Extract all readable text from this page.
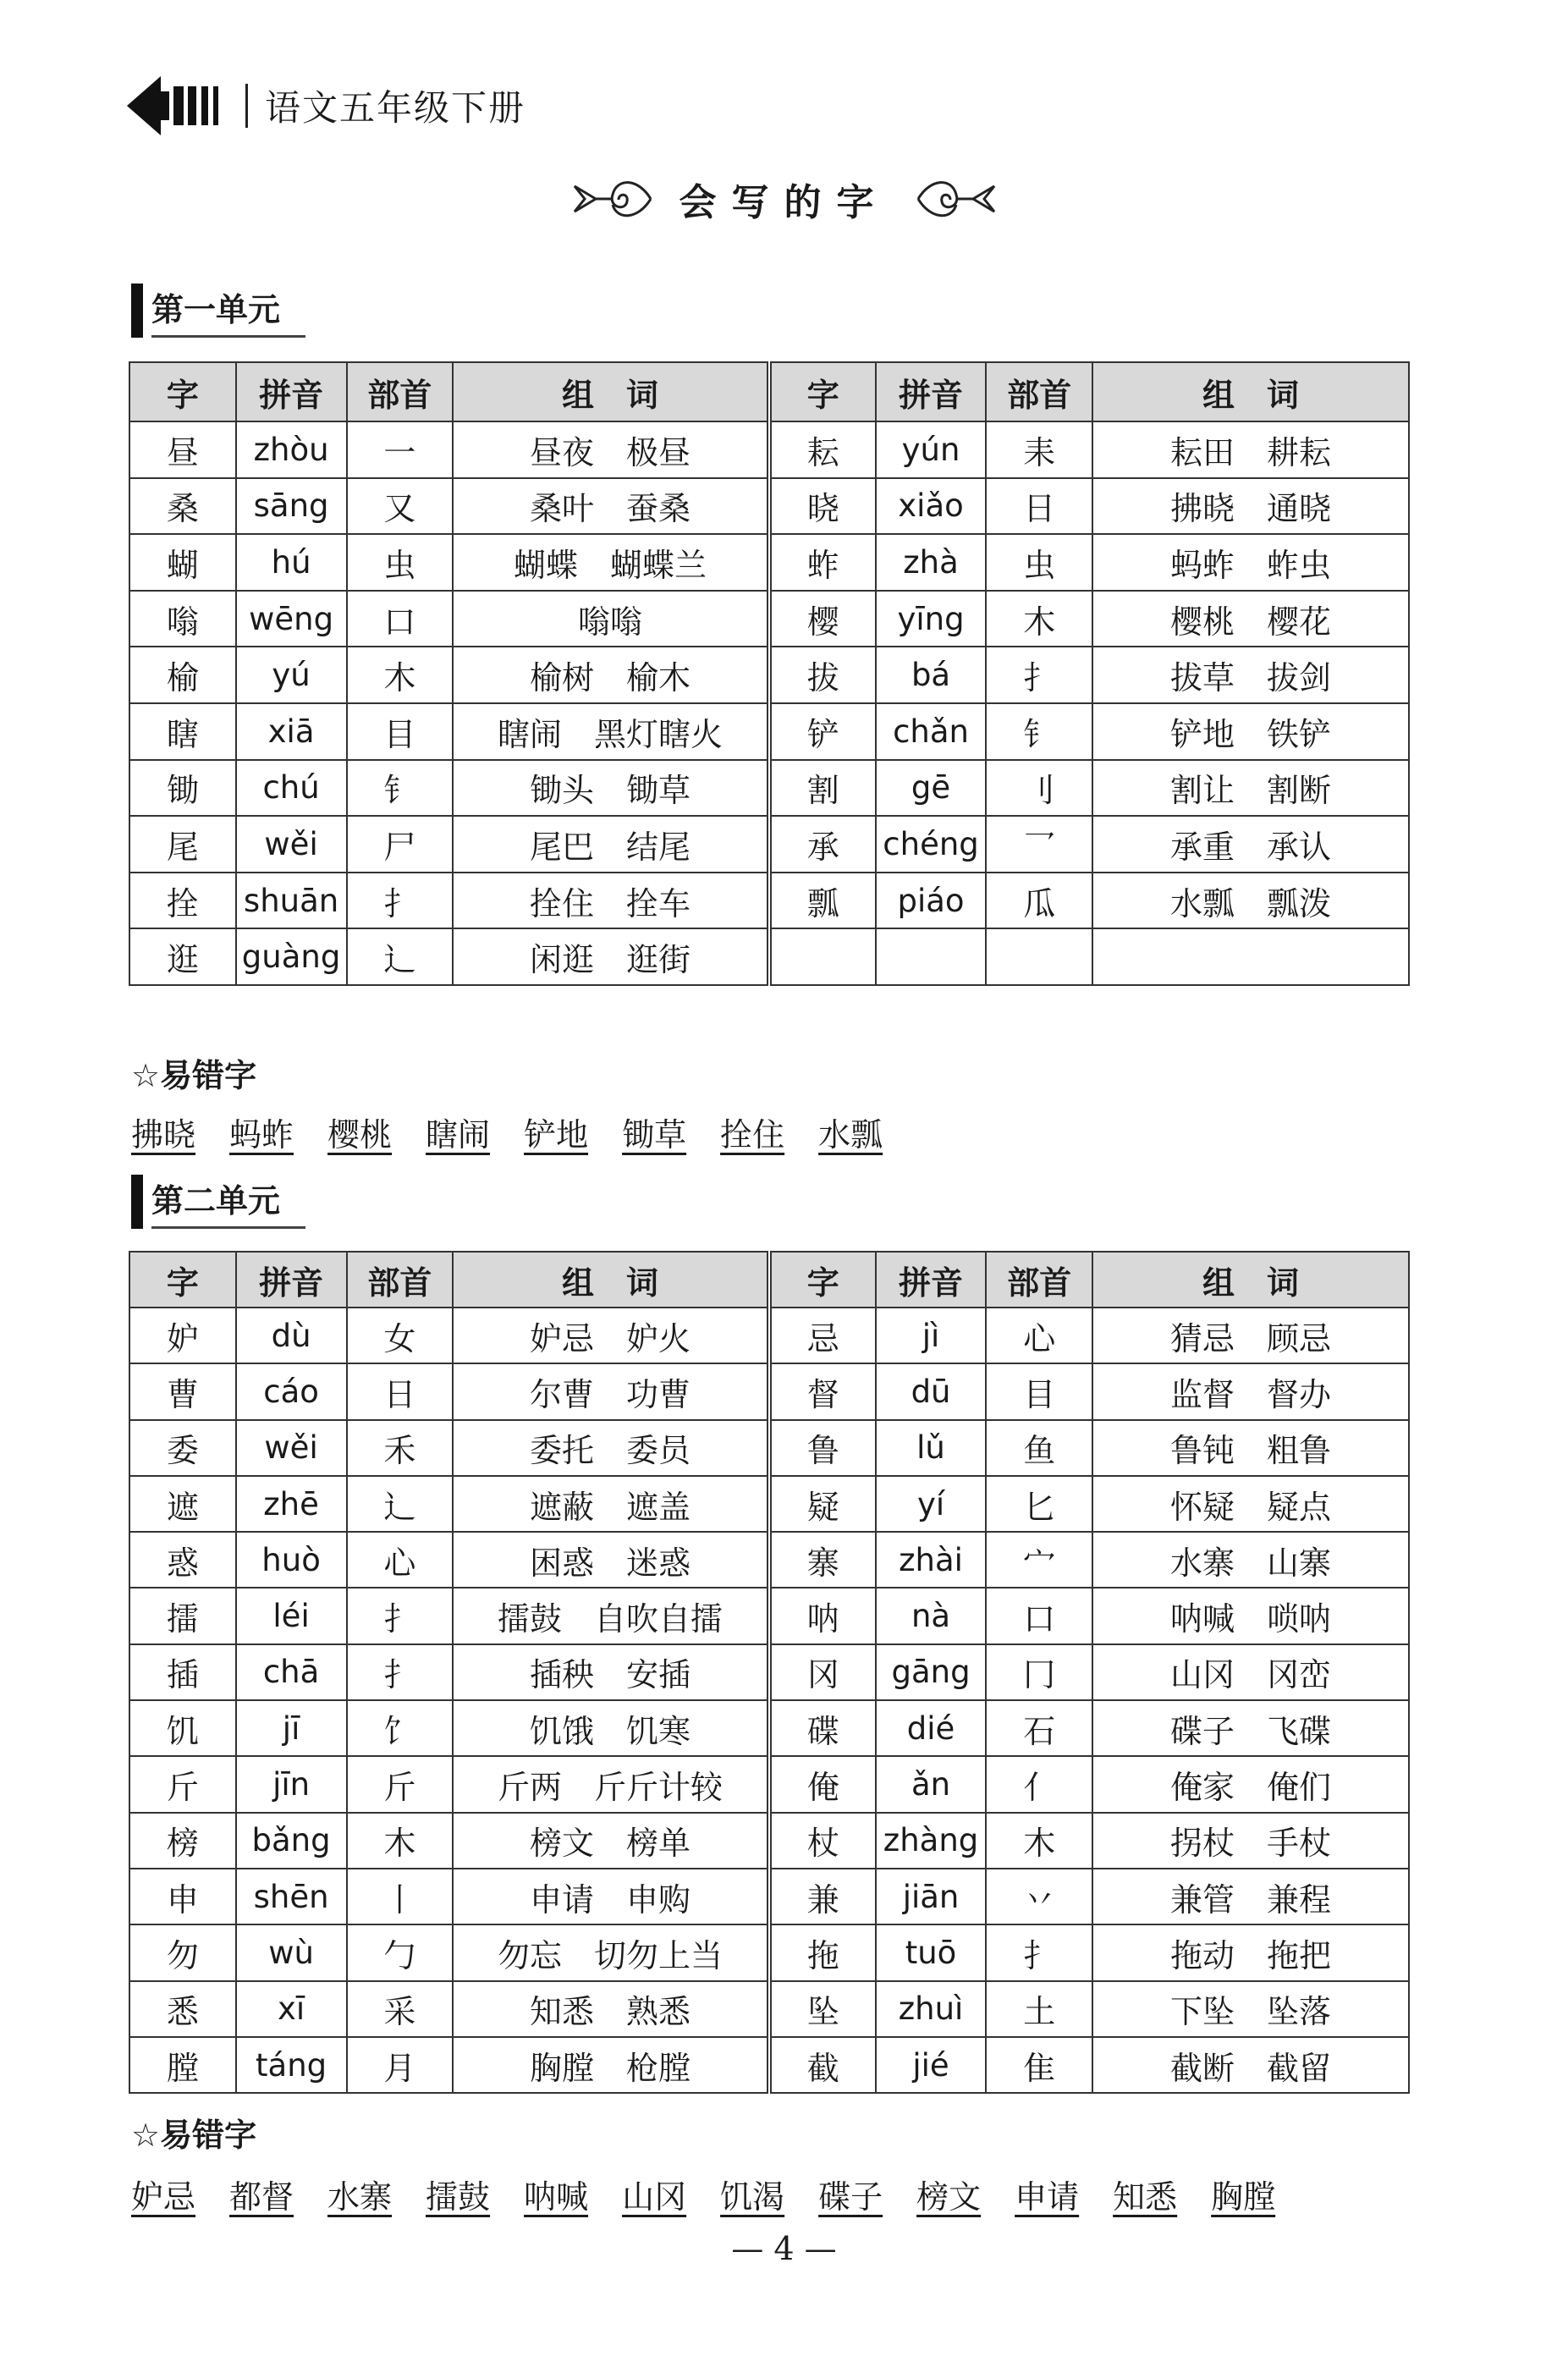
语文五年级下册
会写的字
第一单元
字	拼音	部首	组　词	字	拼音	部首	组　词
昼	zhòu	一	昼夜　极昼	耘	yún	耒	耘田　耕耘
桑	sāng	又	桑叶　蚕桑	晓	xiǎo	日	拂晓　通晓
蝴	hú	虫	蝴蝶　蝴蝶兰	蚱	zhà	虫	蚂蚱　蚱虫
嗡	wēng	口	嗡嗡	樱	yīng	木	樱桃　樱花
榆	yú	木	榆树　榆木	拔	bá	扌	拔草　拔剑
瞎	xiā	目	瞎闹　黑灯瞎火	铲	chǎn	钅	铲地　铁铲
锄	chú	钅	锄头　锄草	割	gē	刂	割让　割断
尾	wěi	尸	尾巴　结尾	承	chéng	乛	承重　承认
拴	shuān	扌	拴住　拴车	瓢	piáo	瓜	水瓢　瓢泼
逛	guàng	辶	闲逛　逛街				
☆易错字
拂晓 蚂蚱 樱桃 瞎闹 铲地 锄草 拴住 水瓢
第二单元
字	拼音	部首	组　词	字	拼音	部首	组　词
妒	dù	女	妒忌　妒火	忌	jì	心	猜忌　顾忌
曹	cáo	日	尔曹　功曹	督	dū	目	监督　督办
委	wěi	禾	委托　委员	鲁	lǔ	鱼	鲁钝　粗鲁
遮	zhē	辶	遮蔽　遮盖	疑	yí	匕	怀疑　疑点
惑	huò	心	困惑　迷惑	寨	zhài	宀	水寨　山寨
擂	léi	扌	擂鼓　自吹自擂	呐	nà	口	呐喊　唢呐
插	chā	扌	插秧　安插	冈	gāng	冂	山冈　冈峦
饥	jī	饣	饥饿　饥寒	碟	dié	石	碟子　飞碟
斤	jīn	斤	斤两　斤斤计较	俺	ǎn	亻	俺家　俺们
榜	bǎng	木	榜文　榜单	杖	zhàng	木	拐杖　手杖
申	shēn	丨	申请　申购	兼	jiān	丷	兼管　兼程
勿	wù	勹	勿忘　切勿上当	拖	tuō	扌	拖动　拖把
悉	xī	采	知悉　熟悉	坠	zhuì	土	下坠　坠落
膛	táng	月	胸膛　枪膛	截	jié	隹	截断　截留
☆易错字
妒忌 都督 水寨 擂鼓 呐喊 山冈 饥渴 碟子 榜文 申请 知悉 胸膛
— 4 —
